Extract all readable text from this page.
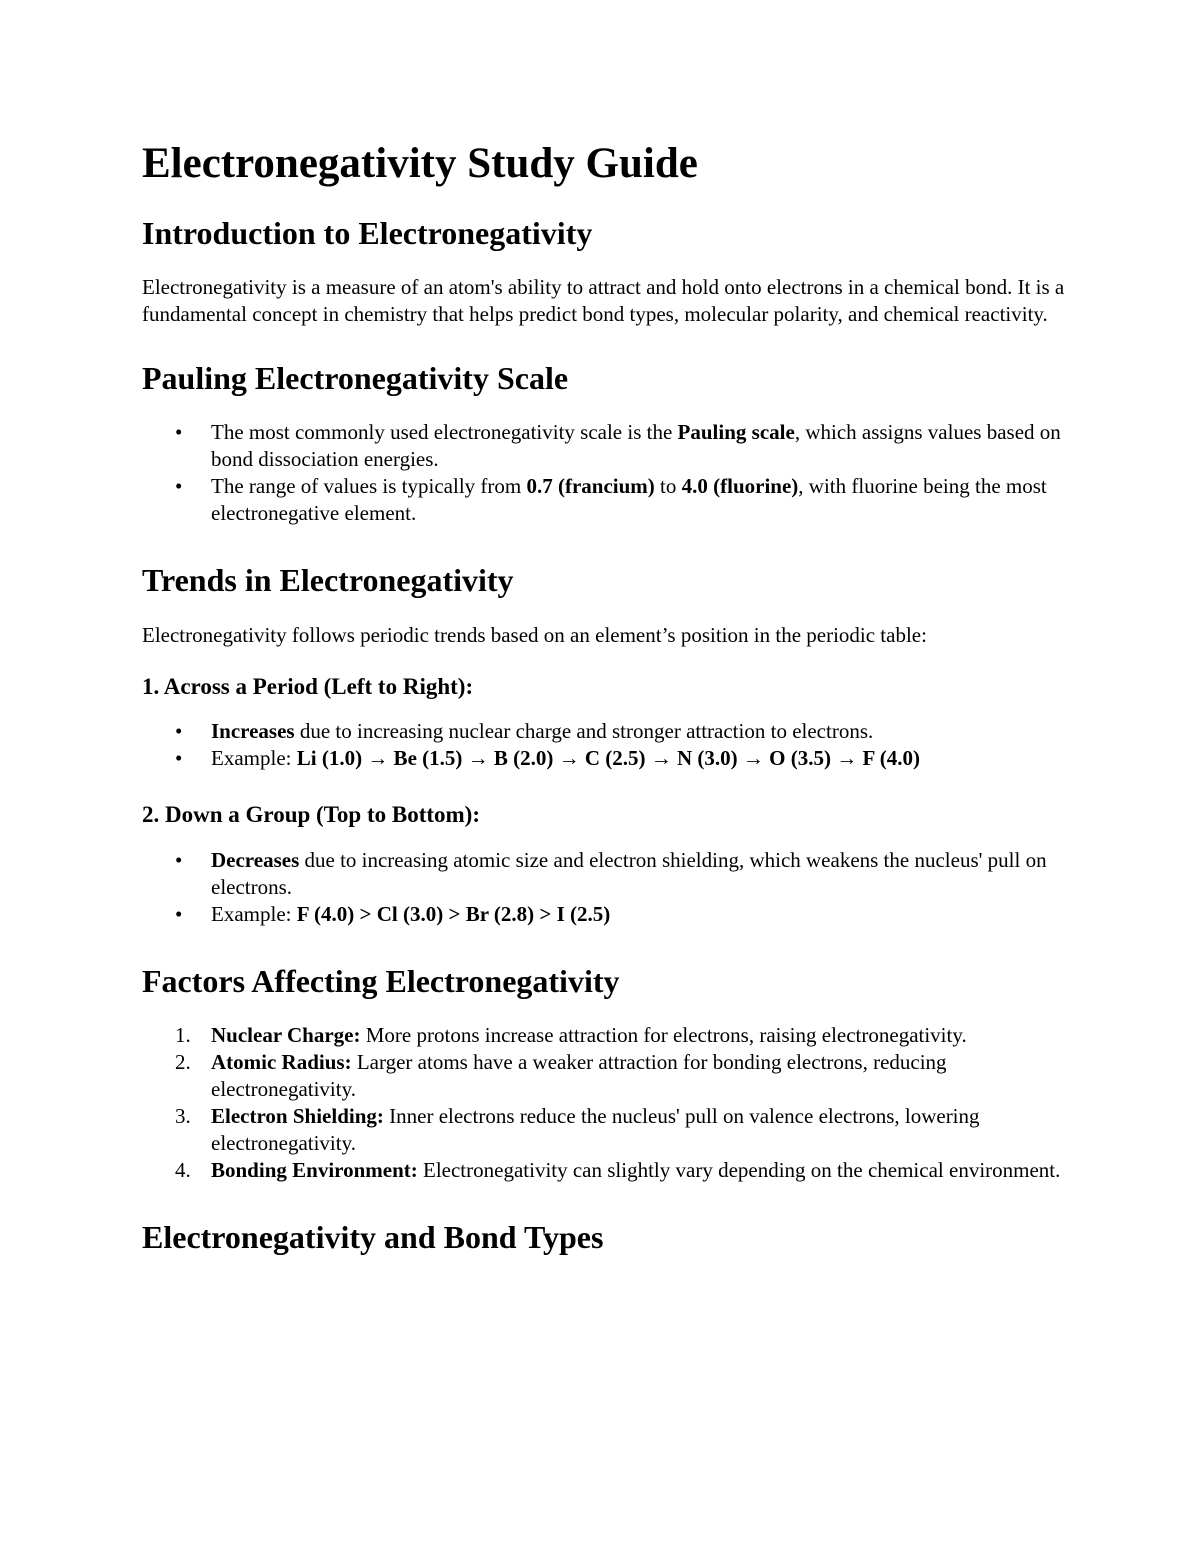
Electronegativity Study Guide
Introduction to Electronegativity

Electronegativity is a measure of an atom's ability to attract and hold onto electrons in a chemical bond. It is a fundamental concept in chemistry that helps predict bond types, molecular polarity, and chemical reactivity.

Pauling Electronegativity Scale
• The most commonly used electronegativity scale is the Pauling scale, which assigns values based on bond dissociation energies.
• The range of values is typically from 0.7 (francium) to 4.0 (fluorine), with fluorine being the most electronegative element.
Trends in Electronegativity

Electronegativity follows periodic trends based on an element’s position in the periodic table:

1. Across a Period (Left to Right):
• Increases due to increasing nuclear charge and stronger attraction to electrons.
• Example: Li (1.0) → Be (1.5) → B (2.0) → C (2.5) → N (3.0) → O (3.5) → F (4.0)
2. Down a Group (Top to Bottom):
• Decreases due to increasing atomic size and electron shielding, which weakens the nucleus' pull on electrons.
• Example: F (4.0) > Cl (3.0) > Br (2.8) > I (2.5)
Factors Affecting Electronegativity
1. Nuclear Charge: More protons increase attraction for electrons, raising electronegativity.
2. Atomic Radius: Larger atoms have a weaker attraction for bonding electrons, reducing electronegativity.
3. Electron Shielding: Inner electrons reduce the nucleus' pull on valence electrons, lowering electronegativity.
4. Bonding Environment: Electronegativity can slightly vary depending on the chemical environment.
Electronegativity and Bond Types
